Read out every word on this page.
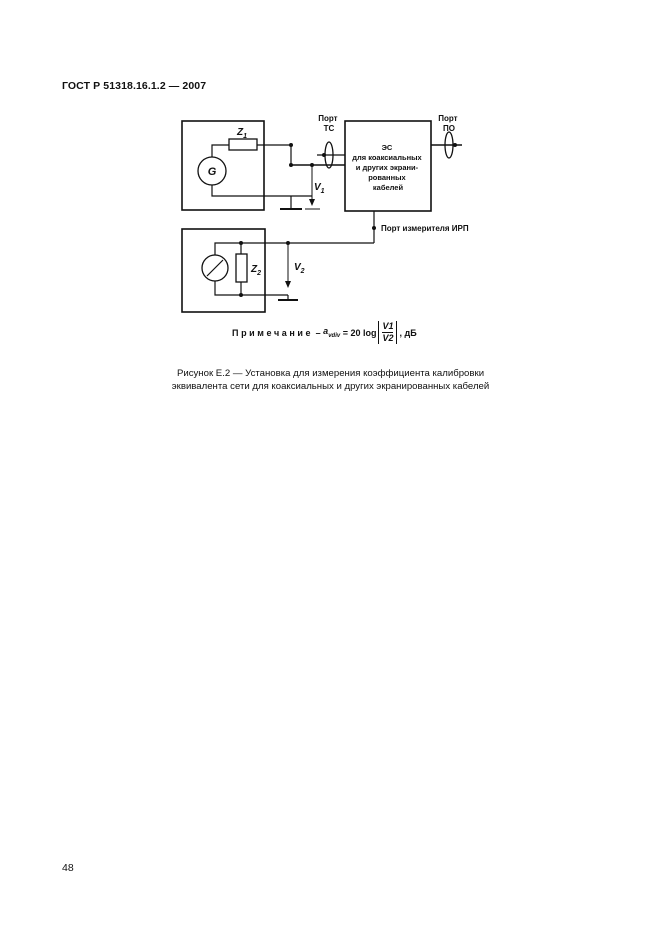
ГОСТ Р 51318.16.1.2 — 2007
G
$Z_1$
$V_1$
Порт ТС
ЭС для коаксиальных и других экрани- рованных кабелей
Порт ПО
Порт измерителя ИРП
$Z_2$
$V_2$
Примечание – $a_{vdiv} = 20$ $\log \frac{V1}{V2}$ , дБ
Рисунок Е.2 — Установка для измерения коэффициента калибровки
эквивалента сети для коаксиальных и других экранированных кабелей
48
